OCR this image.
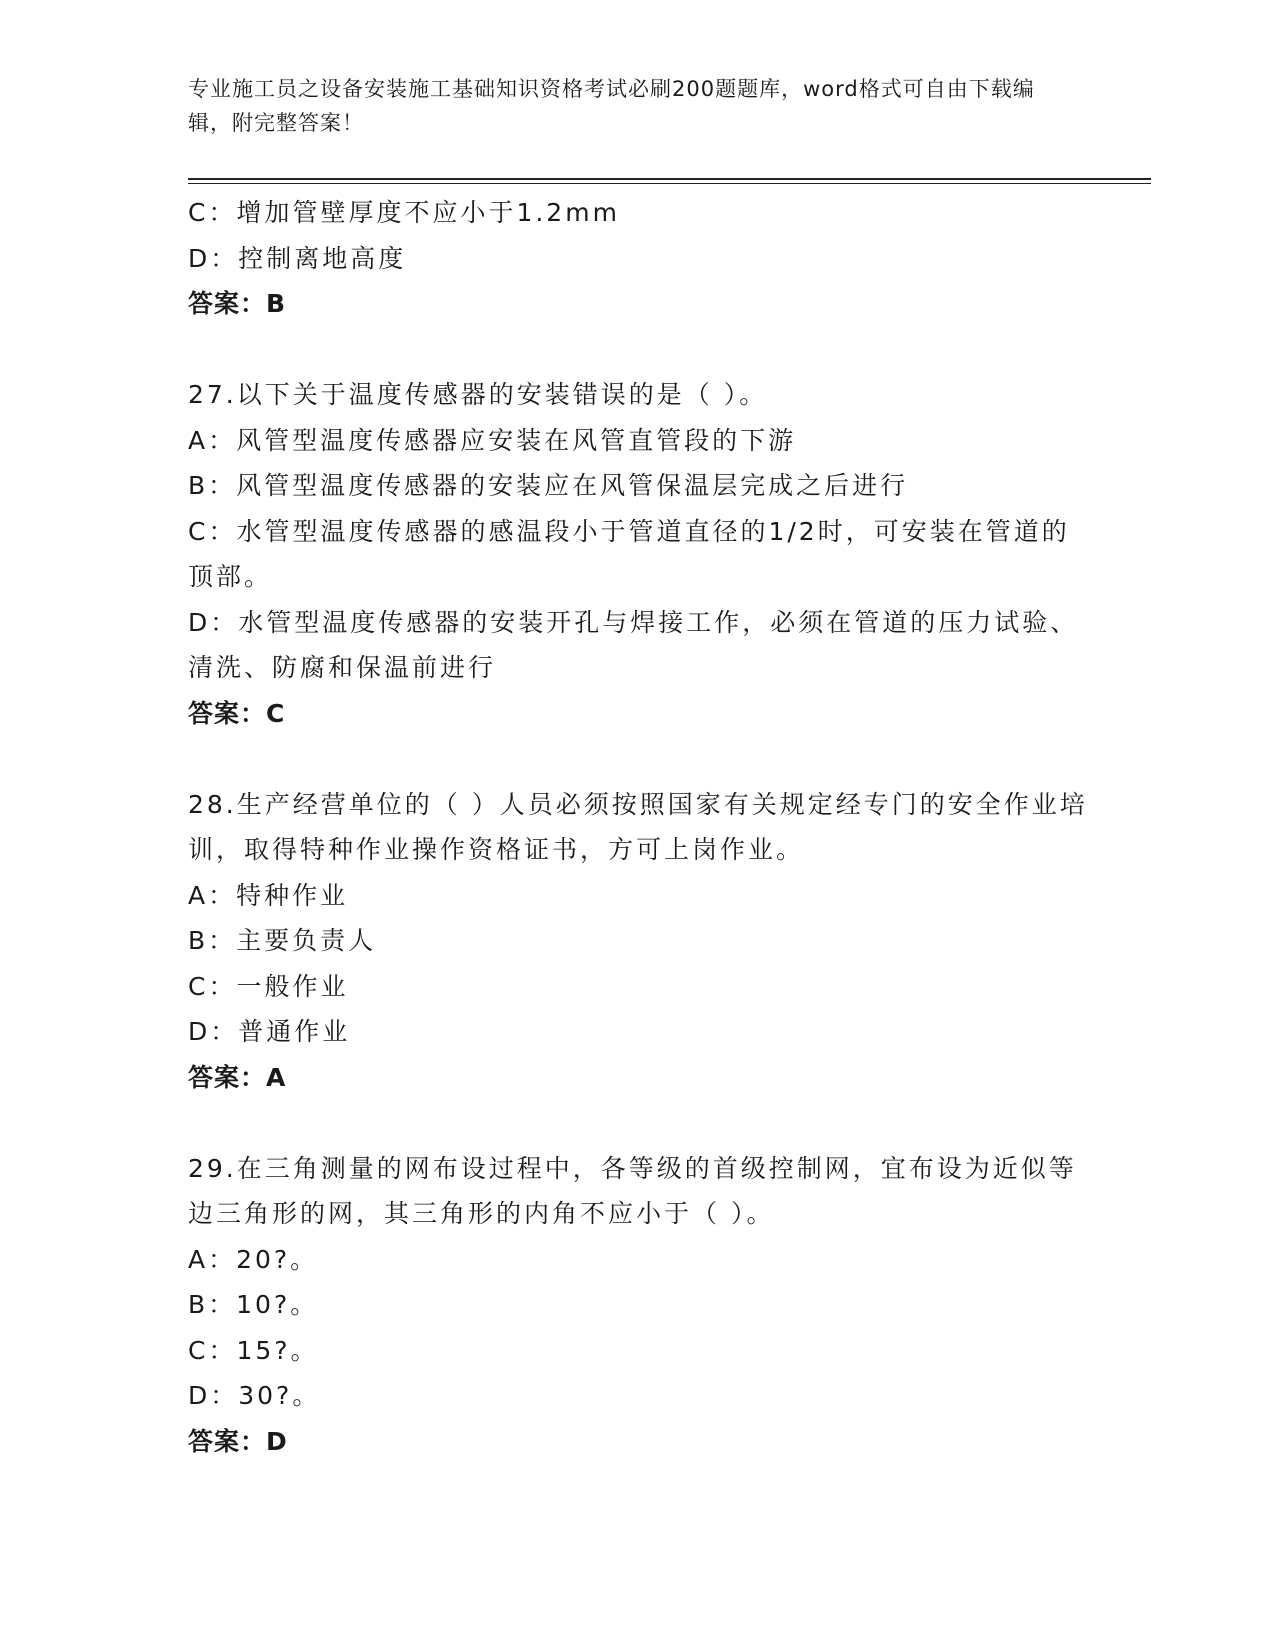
专业施工员之设备安装施工基础知识资格考试必刷200题题库，word格式可自由下载编辑，附完整答案！
C：增加管壁厚度不应小于1.2mm
D：控制离地高度
答案：B
27.以下关于温度传感器的安装错误的是（ ）。
A：风管型温度传感器应安装在风管直管段的下游
B：风管型温度传感器的安装应在风管保温层完成之后进行
C：水管型温度传感器的感温段小于管道直径的1/2时，可安装在管道的顶部。
D：水管型温度传感器的安装开孔与焊接工作，必须在管道的压力试验、清洗、防腐和保温前进行
答案：C
28.生产经营单位的（ ）人员必须按照国家有关规定经专门的安全作业培训，取得特种作业操作资格证书，方可上岗作业。
A：特种作业
B：主要负责人
C：一般作业
D：普通作业
答案：A
29.在三角测量的网布设过程中，各等级的首级控制网，宜布设为近似等边三角形的网，其三角形的内角不应小于（ ）。
A：20?。
B：10?。
C：15?。
D：30?。
答案：D
